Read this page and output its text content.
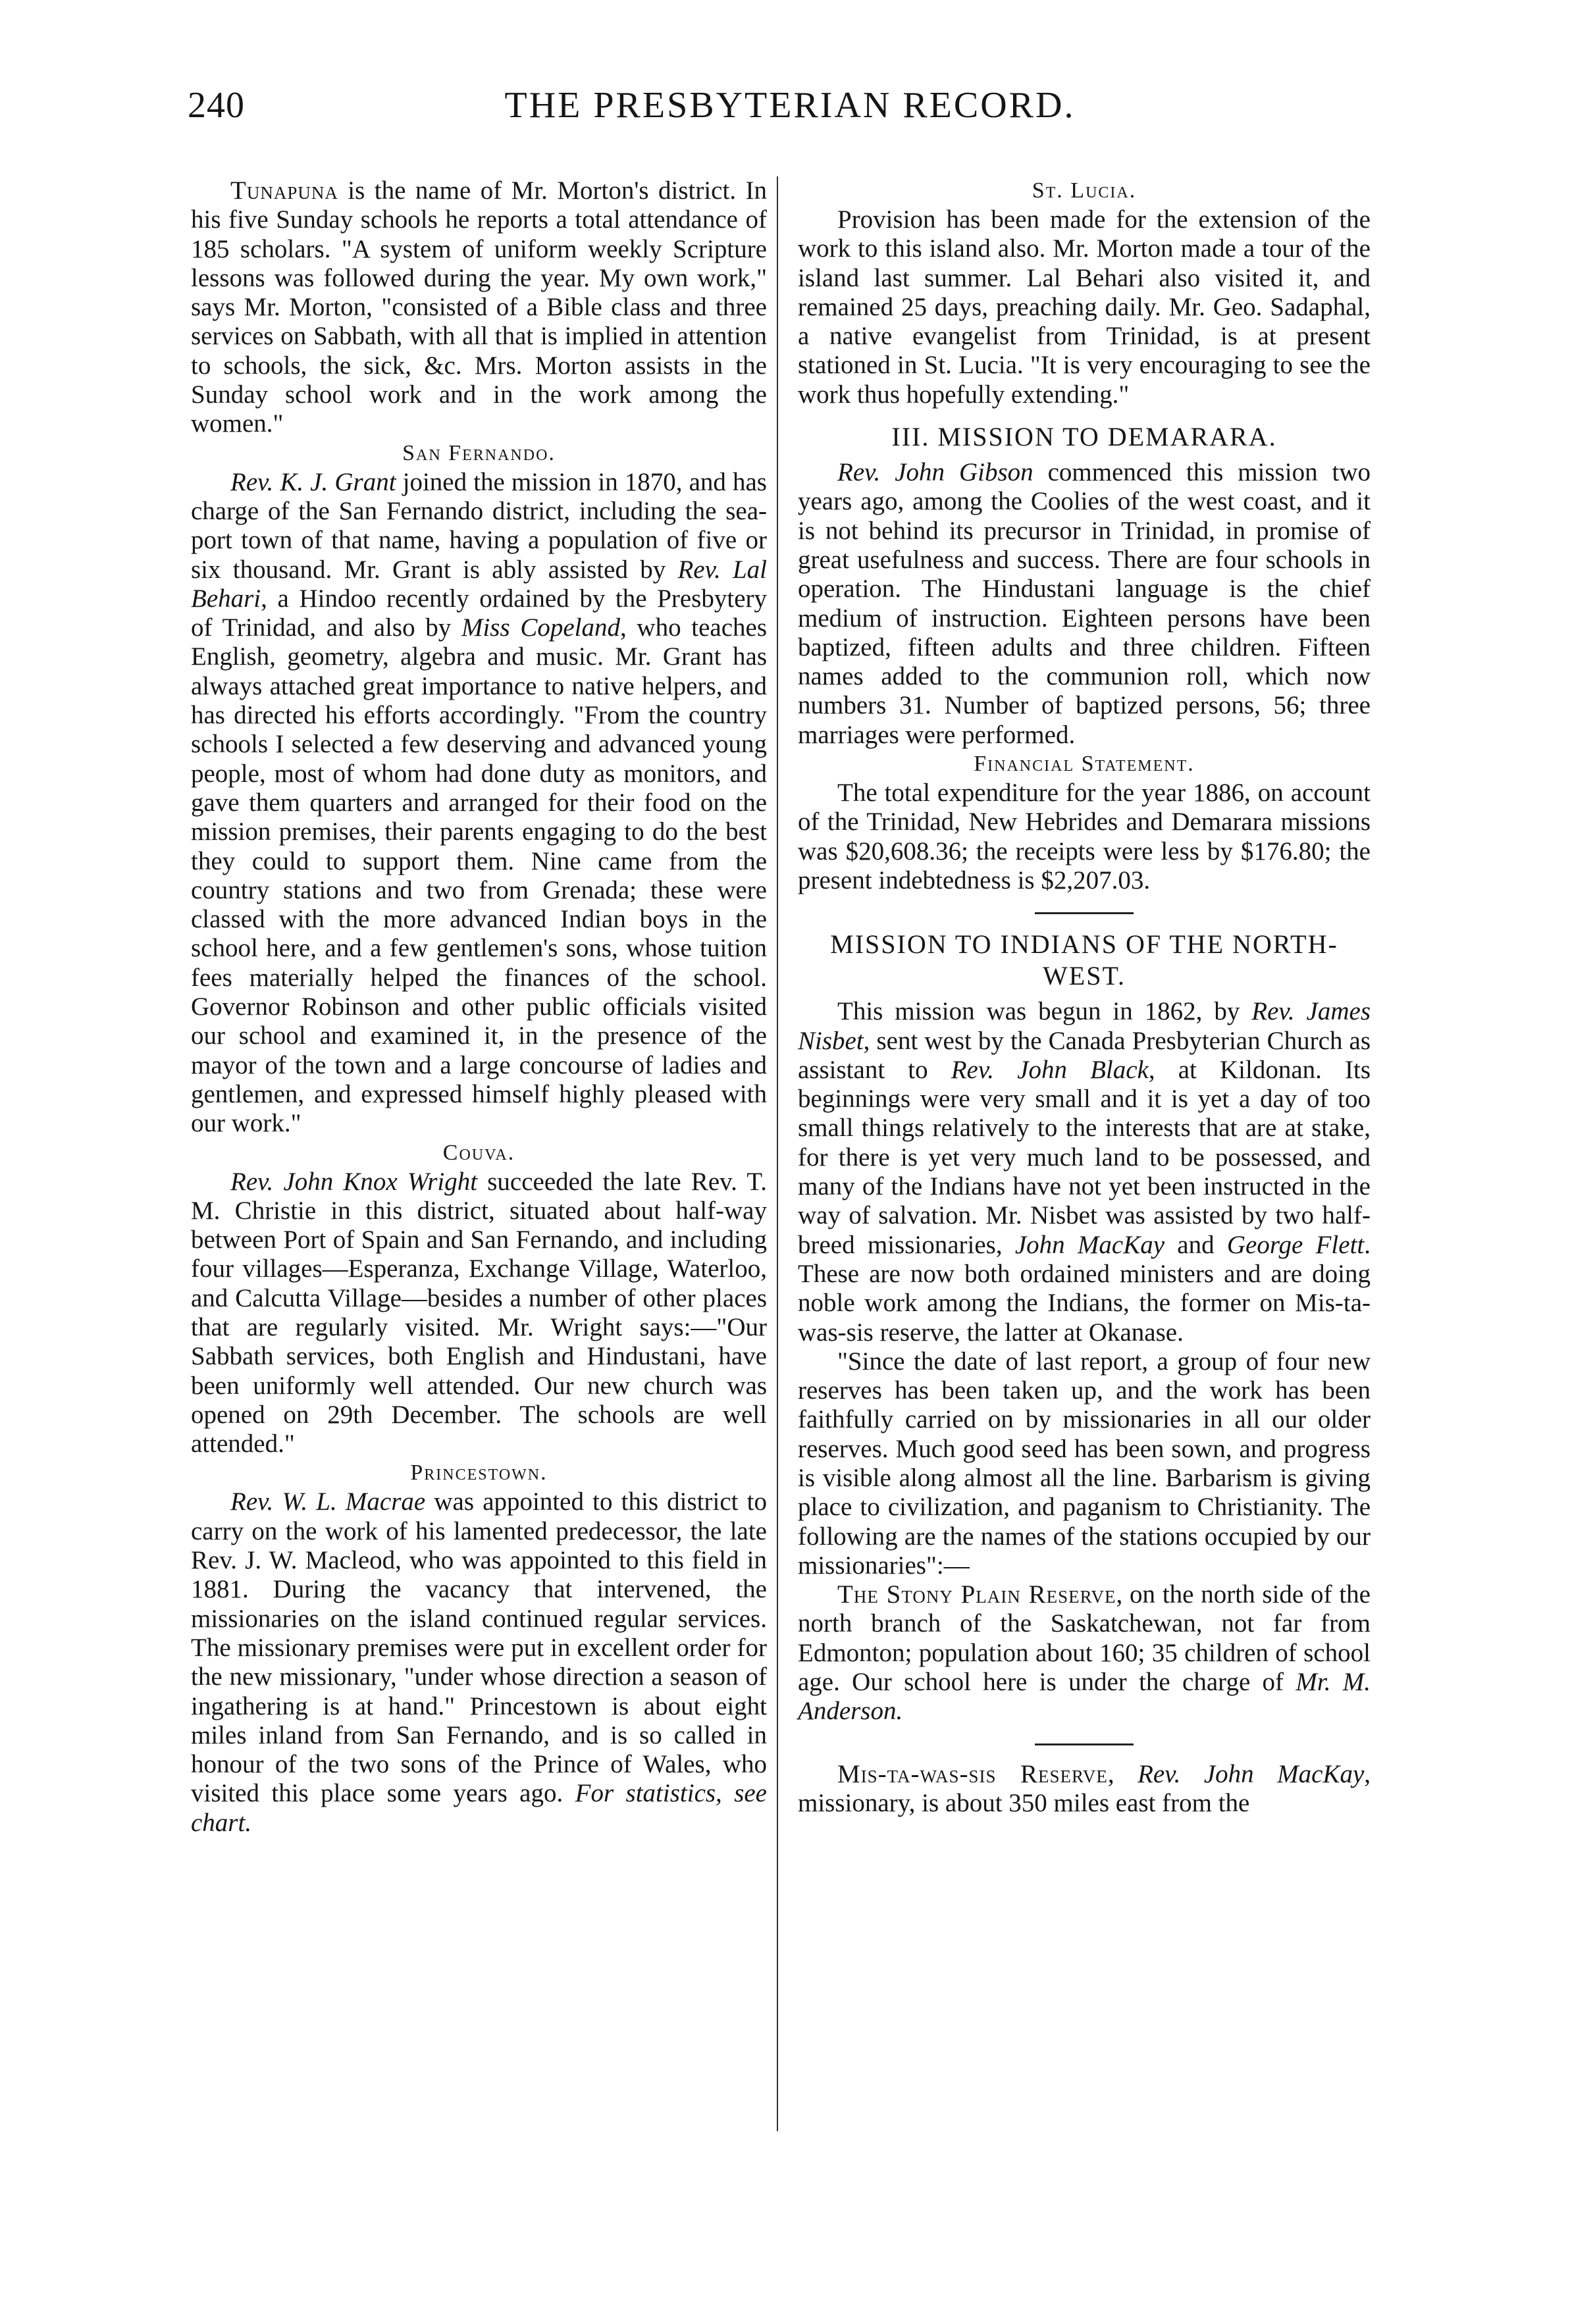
240	THE PRESBYTERIAN RECORD.

Tunapuna is the name of Mr. Morton's district. In his five Sunday schools he reports a total attendance of 185 scholars. "A system of uniform weekly Scripture lessons was followed during the year. My own work," says Mr. Morton, "consisted of a Bible class and three services on Sabbath, with all that is implied in attention to schools, the sick, &c. Mrs. Morton assists in the Sunday school work and in the work among the women."

San Fernando.

Rev. K. J. Grant joined the mission in 1870, and has charge of the San Fernando district, including the sea-port town of that name, having a population of five or six thousand. Mr. Grant is ably assisted by Rev. Lal Behari, a Hindoo recently ordained by the Presbytery of Trinidad, and also by Miss Copeland, who teaches English, geometry, algebra and music. Mr. Grant has always attached great importance to native helpers, and has directed his efforts accordingly. "From the country schools I selected a few deserving and advanced young people, most of whom had done duty as monitors, and gave them quarters and arranged for their food on the mission premises, their parents engaging to do the best they could to support them. Nine came from the country stations and two from Grenada; these were classed with the more advanced Indian boys in the school here, and a few gentlemen's sons, whose tuition fees materially helped the finances of the school. Governor Robinson and other public officials visited our school and examined it, in the presence of the mayor of the town and a large concourse of ladies and gentlemen, and expressed himself highly pleased with our work."

Couva.

Rev. John Knox Wright succeeded the late Rev. T. M. Christie in this district, situated about half-way between Port of Spain and San Fernando, and including four villages—Esperanza, Exchange Village, Waterloo, and Calcutta Village—besides a number of other places that are regularly visited. Mr. Wright says:—"Our Sabbath services, both English and Hindustani, have been uniformly well attended. Our new church was opened on 29th December. The schools are well attended."

Princestown.

Rev. W. L. Macrae was appointed to this district to carry on the work of his lamented predecessor, the late Rev. J. W. Macleod, who was appointed to this field in 1881. During the vacancy that intervened, the missionaries on the island continued regular services. The missionary premises were put in excellent order for the new missionary, "under whose direction a season of ingathering is at hand." Princestown is about eight miles inland from San Fernando, and is so called in honour of the two sons of the Prince of Wales, who visited this place some years ago. For statistics, see chart.

St. Lucia.

Provision has been made for the extension of the work to this island also. Mr. Morton made a tour of the island last summer. Lal Behari also visited it, and remained 25 days, preaching daily. Mr. Geo. Sadaphal, a native evangelist from Trinidad, is at present stationed in St. Lucia. "It is very encouraging to see the work thus hopefully extending."

III. MISSION TO DEMARARA.

Rev. John Gibson commenced this mission two years ago, among the Coolies of the west coast, and it is not behind its precursor in Trinidad, in promise of great usefulness and success. There are four schools in operation. The Hindustani language is the chief medium of instruction. Eighteen persons have been baptized, fifteen adults and three children. Fifteen names added to the communion roll, which now numbers 31. Number of baptized persons, 56; three marriages were performed.

Financial Statement.

The total expenditure for the year 1886, on account of the Trinidad, New Hebrides and Demarara missions was $20,608.36; the receipts were less by $176.80; the present indebtedness is $2,207.03.

MISSION TO INDIANS OF THE NORTH-WEST.

This mission was begun in 1862, by Rev. James Nisbet, sent west by the Canada Presbyterian Church as assistant to Rev. John Black, at Kildonan. Its beginnings were very small and it is yet a day of too small things relatively to the interests that are at stake, for there is yet very much land to be possessed, and many of the Indians have not yet been instructed in the way of salvation. Mr. Nisbet was assisted by two half-breed missionaries, John MacKay and George Flett. These are now both ordained ministers and are doing noble work among the Indians, the former on Mis-ta-was-sis reserve, the latter at Okanase.

"Since the date of last report, a group of four new reserves has been taken up, and the work has been faithfully carried on by missionaries in all our older reserves. Much good seed has been sown, and progress is visible along almost all the line. Barbarism is giving place to civilization, and paganism to Christianity. The following are the names of the stations occupied by our missionaries":—

The Stony Plain Reserve, on the north side of the north branch of the Saskatchewan, not far from Edmonton; population about 160; 35 children of school age. Our school here is under the charge of Mr. M. Anderson.

Mis-ta-was-sis Reserve, Rev. John MacKay, missionary, is about 350 miles east from the
